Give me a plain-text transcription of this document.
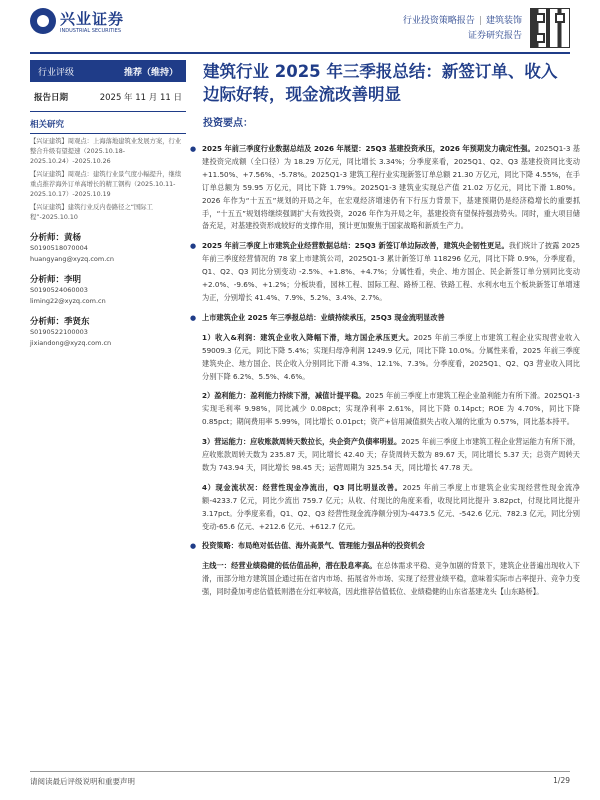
兴业证券
INDUSTRIAL SECURITIES
行业投资策略报告 | 建筑装饰
证券研究报告
行业评级	推荐（维持）
报告日期	2025 年 11 月 11 日
相关研究
【兴证建筑】周观点：上海落地建筑业发展方案，行业整合升级有望提速（2025.10.18-2025.10.24）-2025.10.26
【兴证建筑】周观点：建筑行业景气度小幅提升，继续重点推荐海外订单高增长的精工钢构（2025.10.11-2025.10.17）-2025.10.19
【兴证建筑】建筑行业反内卷路径之“国际工程”-2025.10.10
分析师：黄杨
S0190518070004
huangyang@xyzq.com.cn
分析师：李明
S0190524060003
liming22@xyzq.com.cn
分析师：季贤东
S0190522100003
jixiandong@xyzq.com.cn
建筑行业 2025 年三季报总结：新签订单、收入边际好转，现金流改善明显
投资要点：
● 2025 年前三季度行业数据总结及 2026 年展望：25Q3 基建投资承压，2026 年预期发力确定性强。2025Q1-3 基建投资完成额（全口径）为 18.29 万亿元，同比增长 3.34%；分季度来看，2025Q1、Q2、Q3 基建投资同比变动+11.50%、+7.56%、-5.78%。2025Q1-3 建筑工程行业实现新签订单总额 21.30 万亿元，同比下降 4.55%，在手订单总额为 59.95 万亿元，同比下降 1.79%。2025Q1-3 建筑业实现总产值 21.02 万亿元，同比下滑 1.80%。2026 年作为“十五五”规划的开局之年，在宏观经济增速仍有下行压力背景下，基建预期仍是经济稳增长的重要抓手，“十五五”规划将继续强调扩大有效投资，2026 年作为开局之年，基建投资有望保持强劲势头。同时，重大项目储备充足，对基建投资形成较好的支撑作用，预计更加聚焦于国家战略和新质生产力。
● 2025 年前三季度上市建筑企业经营数据总结：25Q3 新签订单边际改善，建筑央企韧性更足。我们统计了披露 2025 年前三季度经营情况的 78 家上市建筑公司，2025Q1-3 累计新签订单 118296 亿元，同比下降 0.9%，分季度看，Q1、Q2、Q3 同比分别变动 -2.5%、+1.8%、+4.7%；分属性看，央企、地方国企、民企新签订单分别同比变动+2.0%、-9.6%、+1.2%；分板块看，园林工程、国际工程、路桥工程、铁路工程、水利水电五个板块新签订单增速为正，分别增长 41.4%、7.9%、5.2%、3.4%、2.7%。
● 上市建筑企业 2025 年三季报总结：业绩持续承压，25Q3 现金流明显改善
1）收入&利润：建筑企业收入降幅下滑，地方国企承压更大。2025 年前三季度上市建筑工程企业实现营业收入 59009.3 亿元，同比下降 5.4%；实现归母净利润 1249.9 亿元，同比下降 10.0%。分属性来看，2025 年前三季度建筑央企、地方国企、民企收入分别同比下滑 4.3%、12.1%、7.3%。分季度看，2025Q1、Q2、Q3 营业收入同比分别下降 6.2%、5.5%、4.6%。
2）盈利能力：盈利能力持续下滑，减值计提平稳。2025 年前三季度上市建筑工程企业盈利能力有所下滑。2025Q1-3 实现毛利率 9.98%，同比减少 0.08pct；实现净利率 2.61%，同比下降 0.14pct；ROE 为 4.70%，同比下降 0.85pct；期间费用率 5.99%，同比增长 0.01pct；资产+信用减值损失占收入端的比重为 0.57%，同比基本持平。
3）营运能力：应收账款周转天数拉长，央企资产负债率明显。2025 年前三季度上市建筑工程企业营运能力有所下滑，应收账款周转天数为 235.87 天，同比增长 42.40 天；存货周转天数为 89.67 天，同比增长 5.37 天；总资产周转天数为 743.94 天，同比增长 98.45 天；运营周期为 325.54 天，同比增长 47.78 天。
4）现金流状况：经营性现金净流出，Q3 同比明显改善。2025 年前三季度上市建筑企业实现经营性现金流净额-4233.7 亿元，同比少流出 759.7 亿元；从收、付现比的角度来看，收现比同比提升 3.82pct，付现比同比提升 3.17pct。分季度来看，Q1、Q2、Q3 经营性现金流净额分别为-4473.5 亿元、-542.6 亿元、782.3 亿元，同比分别变动-65.6 亿元、+212.6 亿元、+612.7 亿元。
● 投资策略：布局绝对低估值、海外高景气、管理能力强品种的投资机会
主线一：经营业绩稳健的低估值品种，潜在股息率高。在总体需求平稳、竞争加剧的背景下，建筑企业普遍出现收入下滑，而部分地方建筑国企通过拓在省内市场、拓展省外市场、实现了经营业绩平稳，意味着实际市占率提升、竞争力变强，同时叠加考虑估值低则潜在分红率较高，因此推荐估值低位、业绩稳健的山东省基建龙头【山东路桥】。
请阅读最后评级说明和重要声明	1/29
